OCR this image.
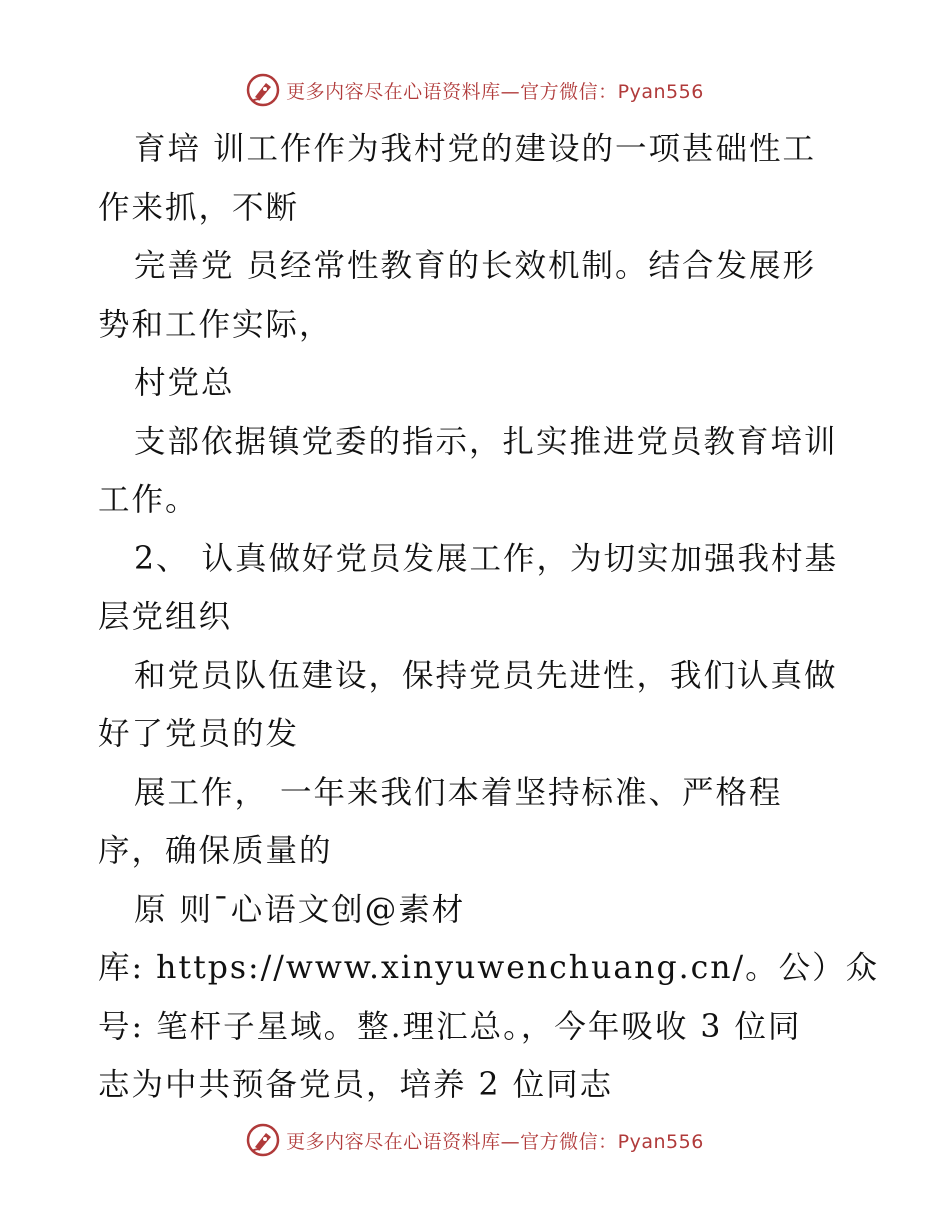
更多内容尽在心语资料库—官方微信：Pyan556
育培 训工作作为我村党的建设的一项甚础性工
作来抓，不断
完善党 员经常性教育的长效机制。结合发展形
势和工作实际，
村党总
支部依据镇党委的指示，扎实推进党员教育培训
工作。
2、 认真做好党员发展工作，为切实加强我村基
层党组织
和党员队伍建设，保持党员先进性，我们认真做
好了党员的发
展工作， 一年来我们本着坚持标准、严格程
序，确保质量的
原 则¯心语文创@素材
库: https://www.xinyuwenchuang.cn/。公）众
号: 笔杆子星域。整.理汇总。，今年吸收 3 位同
志为中共预备党员，培养 2 位同志
更多内容尽在心语资料库—官方微信：Pyan556
